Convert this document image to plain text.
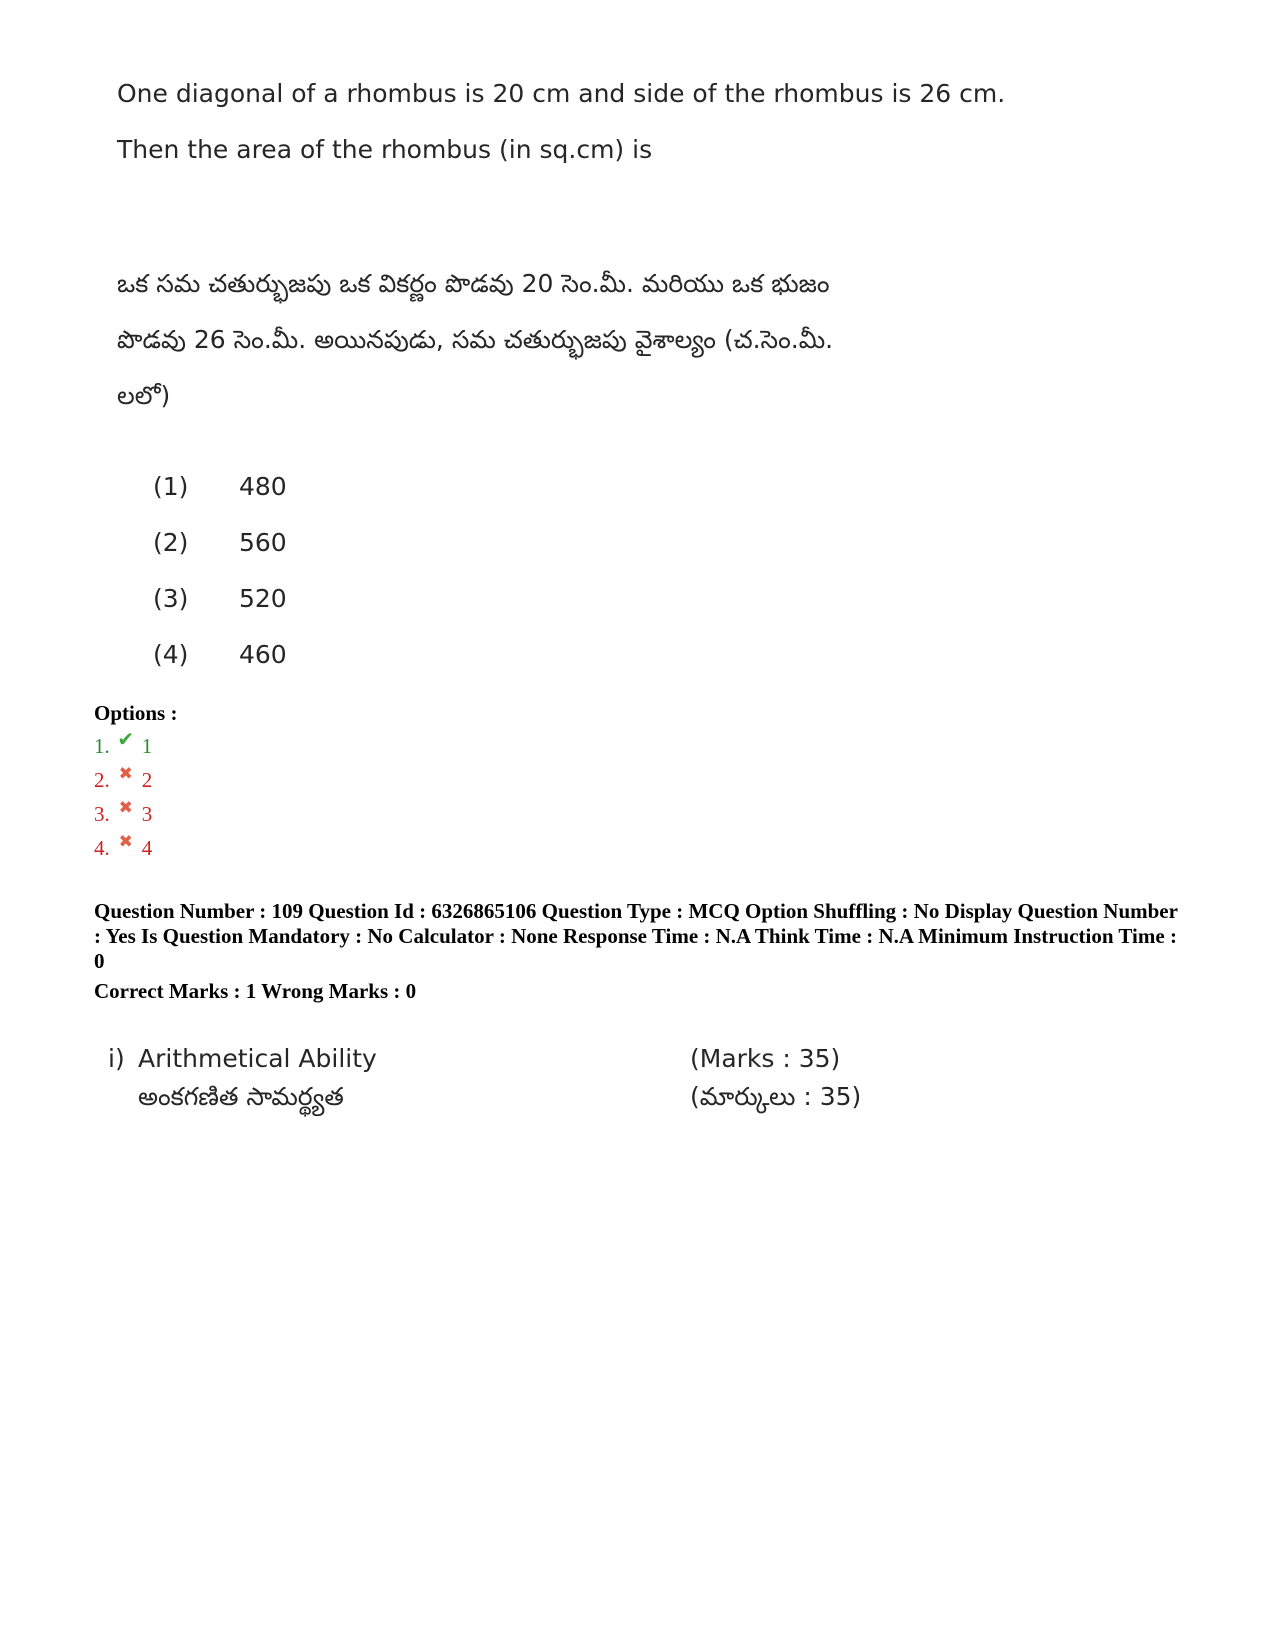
One diagonal of a rhombus is 20 cm and side of the rhombus is 26 cm.
Then the area of the rhombus (in sq.cm) is
ఒక సమ చతుర్భుజపు ఒక వికర్ణం పొడవు 20 సెం.మీ. మరియు ఒక భుజం
పొడవు 26 సెం.మీ. అయినపుడు, సమ చతుర్భుజపు వైశాల్యం (చ.సెం.మీ.
లలో)
(1)	480
(2)	560
(3)	520
(4)	460
Options :
1. ✔ 1
2. ✖ 2
3. ✖ 3
4. ✖ 4
Question Number : 109 Question Id : 6326865106 Question Type : MCQ Option Shuffling : No Display Question Number : Yes Is Question Mandatory : No Calculator : None Response Time : N.A Think Time : N.A Minimum Instruction Time : 0
Correct Marks : 1 Wrong Marks : 0
i) Arithmetical Ability	(Marks : 35)
అంకగణిత సామర్థ్యత	(మార్కులు : 35)
